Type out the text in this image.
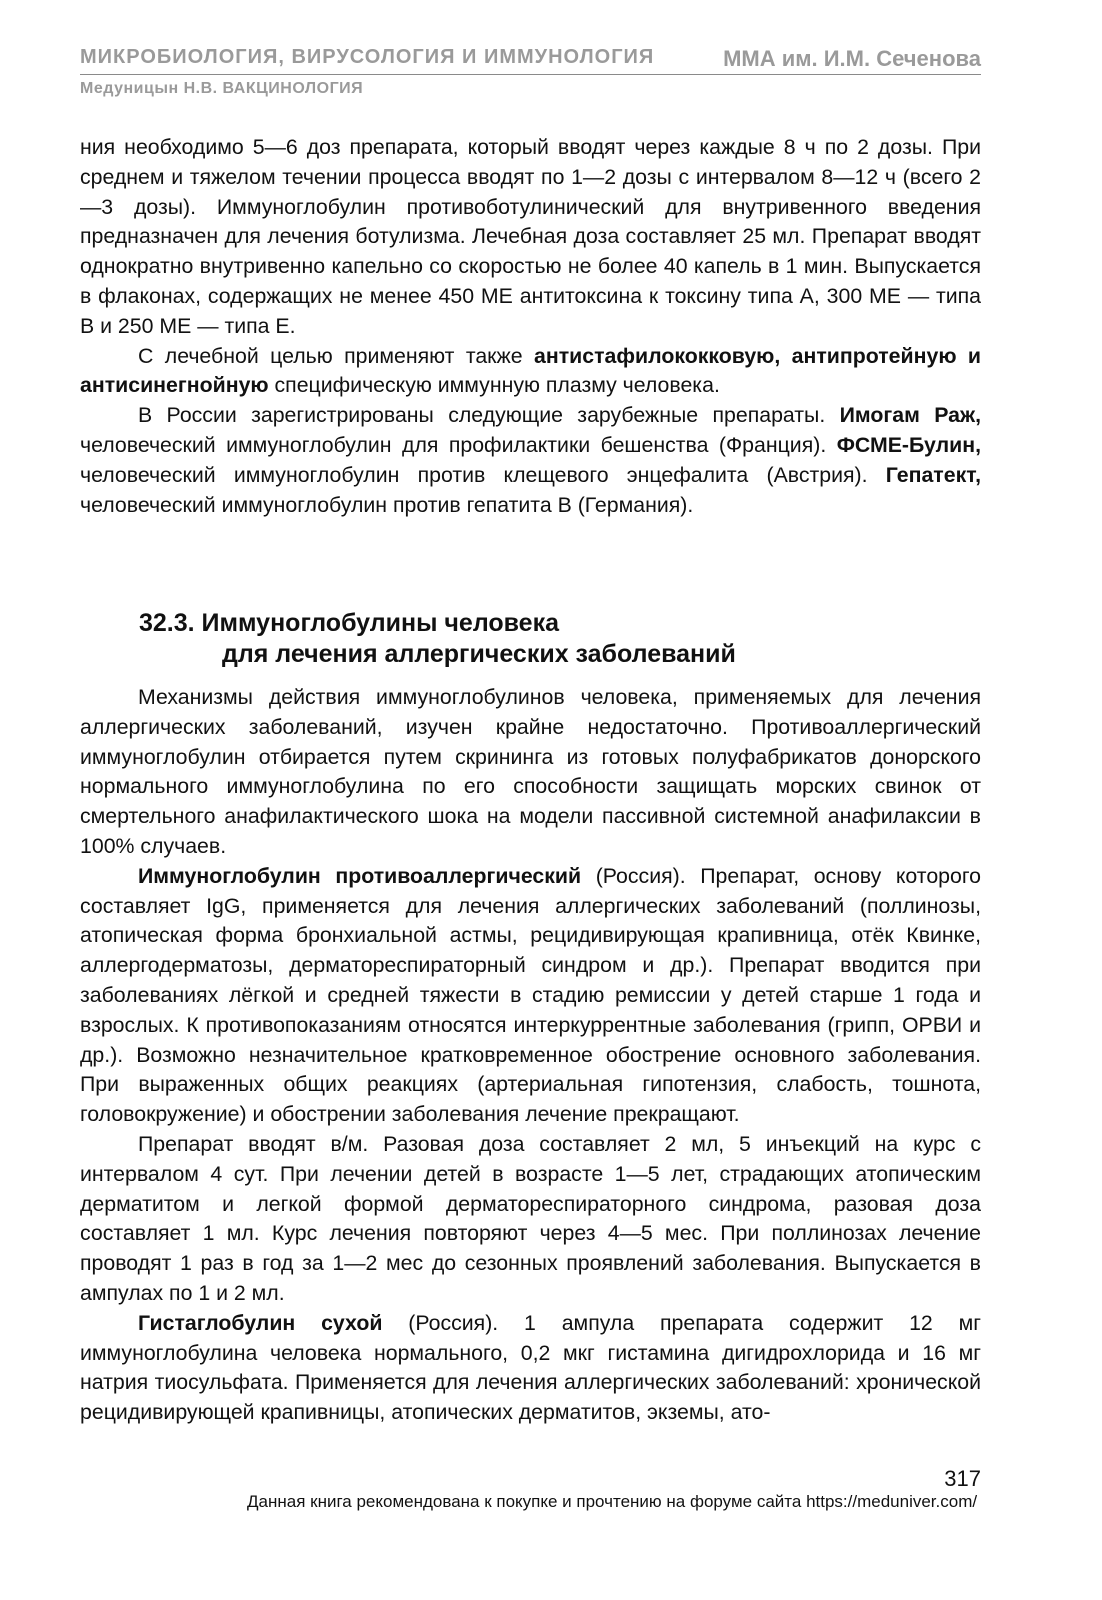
МИКРОБИОЛОГИЯ, ВИРУСОЛОГИЯ И ИММУНОЛОГИЯ	ММА им. И.М. Сеченова
Медуницын Н.В. ВАКЦИНОЛОГИЯ

ния необходимо 5—6 доз препарата, который вводят через каждые 8 ч по 2 дозы. При среднем и тяжелом течении процесса вводят по 1—2 дозы с интервалом 8—12 ч (всего 2—3 дозы). Иммуноглобулин противоботулинический для внутривенного введения предназначен для лечения ботулизма. Лечебная доза составляет 25 мл. Препарат вводят однократно внутривенно капельно со скоростью не более 40 капель в 1 мин. Выпускается в флаконах, содержащих не менее 450 МЕ антитоксина к токсину типа А, 300 МЕ — типа В и 250 МЕ — типа Е.

С лечебной целью применяют также антистафилококковую, антипротейную и антисинегнойную специфическую иммунную плазму человека.

В России зарегистрированы следующие зарубежные препараты. Имогам Раж, человеческий иммуноглобулин для профилактики бешенства (Франция). ФСМЕ-Булин, человеческий иммуноглобулин против клещевого энцефалита (Австрия). Гепатект, человеческий иммуноглобулин против гепатита В (Германия).

32.3. Иммуноглобулины человека
для лечения аллергических заболеваний

Механизмы действия иммуноглобулинов человека, применяемых для лечения аллергических заболеваний, изучен крайне недостаточно. Противоаллергический иммуноглобулин отбирается путем скрининга из готовых полуфабрикатов донорского нормального иммуноглобулина по его способности защищать морских свинок от смертельного анафилактического шока на модели пассивной системной анафилаксии в 100% случаев.

Иммуноглобулин противоаллергический (Россия). Препарат, основу которого составляет IgG, применяется для лечения аллергических заболеваний (поллинозы, атопическая форма бронхиальной астмы, рецидивирующая крапивница, отёк Квинке, аллергодерматозы, дерматореспираторный синдром и др.). Препарат вводится при заболеваниях лёгкой и средней тяжести в стадию ремиссии у детей старше 1 года и взрослых. К противопоказаниям относятся интеркуррентные заболевания (грипп, ОРВИ и др.). Возможно незначительное кратковременное обострение основного заболевания. При выраженных общих реакциях (артериальная гипотензия, слабость, тошнота, головокружение) и обострении заболевания лечение прекращают.

Препарат вводят в/м. Разовая доза составляет 2 мл, 5 инъекций на курс с интервалом 4 сут. При лечении детей в возрасте 1—5 лет, страдающих атопическим дерматитом и легкой формой дерматореспираторного синдрома, разовая доза составляет 1 мл. Курс лечения повторяют через 4—5 мес. При поллинозах лечение проводят 1 раз в год за 1—2 мес до сезонных проявлений заболевания. Выпускается в ампулах по 1 и 2 мл.

Гистаглобулин сухой (Россия). 1 ампула препарата содержит 12 мг иммуноглобулина человека нормального, 0,2 мкг гистамина дигидрохлорида и 16 мг натрия тиосульфата. Применяется для лечения аллергических заболеваний: хронической рецидивирующей крапивницы, атопических дерматитов, экземы, ато-

317
Данная книга рекомендована к покупке и прочтению на форуме сайта https://meduniver.com/
